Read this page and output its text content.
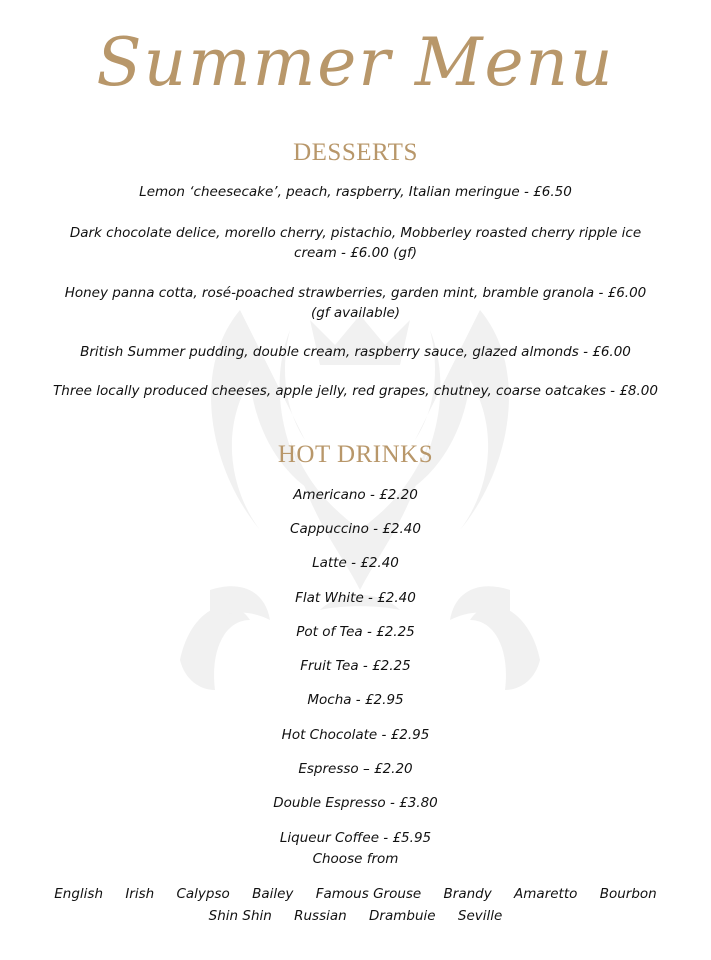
Summer Menu
DESSERTS
Lemon ‘cheesecake’, peach, raspberry, Italian meringue - £6.50
Dark chocolate delice, morello cherry, pistachio, Mobberley roasted cherry ripple ice
cream - £6.00 (gf)
Honey panna cotta, rosé-poached strawberries, garden mint, bramble granola - £6.00
(gf available)
British Summer pudding, double cream, raspberry sauce, glazed almonds - £6.00
Three locally produced cheeses, apple jelly, red grapes, chutney, coarse oatcakes - £8.00
HOT DRINKS
Americano - £2.20
Cappuccino - £2.40
Latte - £2.40
Flat White - £2.40
Pot of Tea - £2.25
Fruit Tea - £2.25
Mocha - £2.95
Hot Chocolate - £2.95
Espresso – £2.20
Double Espresso - £3.80
Liqueur Coffee - £5.95
Choose from
English Irish Calypso Bailey Famous Grouse Brandy Amaretto Bourbon
Shin Shin Russian Drambuie Seville
